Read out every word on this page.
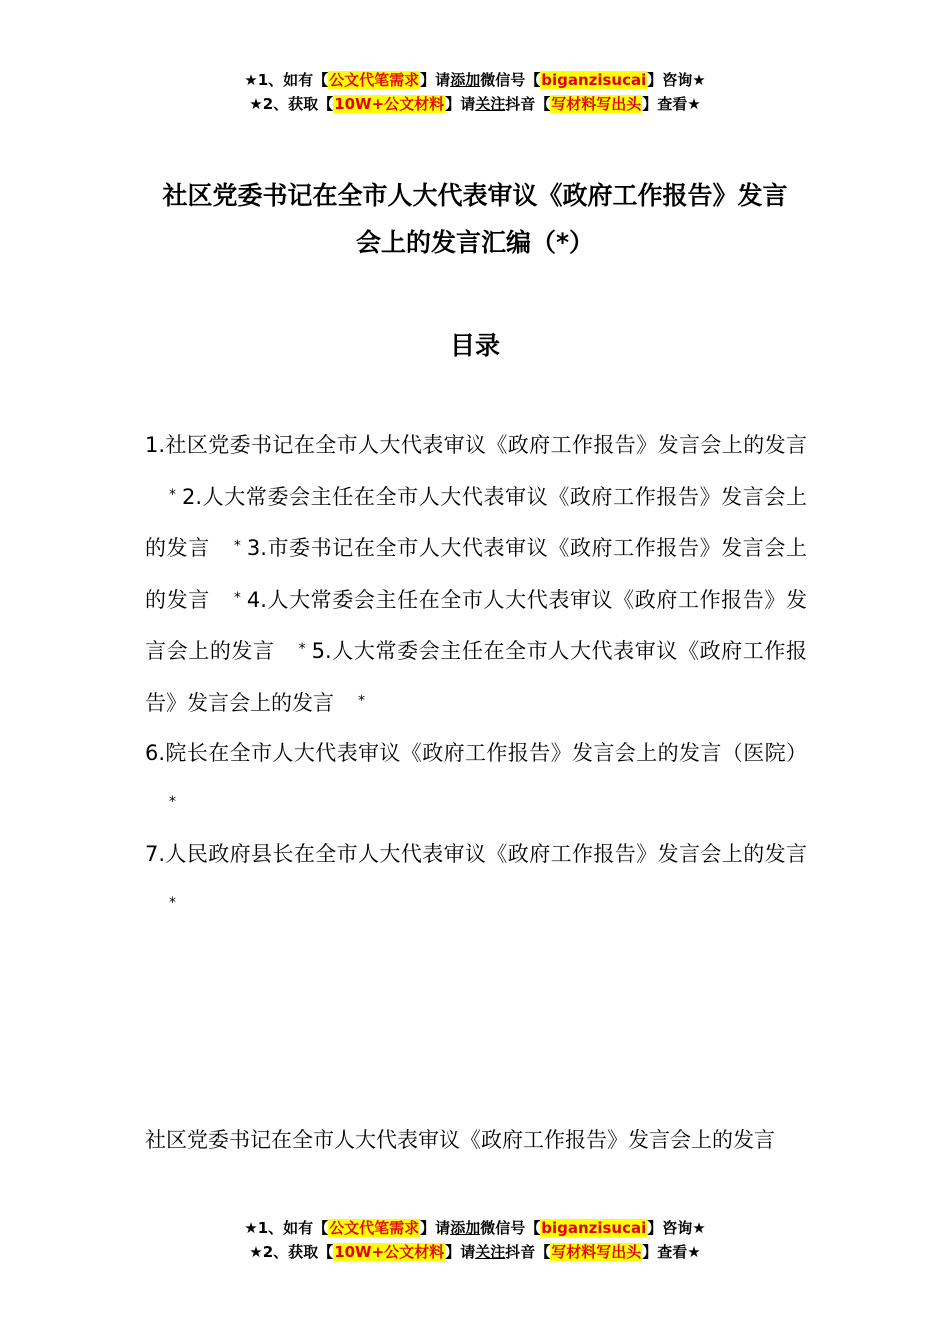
★1、如有【公文代笔需求】请添加微信号【biganzisucai】咨询★
★2、获取【10W+公文材料】请关注抖音【写材料写出头】查看★
社区党委书记在全市人大代表审议《政府工作报告》发言
会上的发言汇编（*）
目录

1.社区党委书记在全市人大代表审议《政府工作报告》发言会上的发言* 2.人大常委会主任在全市人大代表审议《政府工作报告》发言会上的发言 * 3.市委书记在全市人大代表审议《政府工作报告》发言会上的发言 * 4.人大常委会主任在全市人大代表审议《政府工作报告》发言会上的发言 * 5.人大常委会主任在全市人大代表审议《政府工作报告》发言会上的发言 *

6.院长在全市人大代表审议《政府工作报告》发言会上的发言（医院）*

7.人民政府县长在全市人大代表审议《政府工作报告》发言会上的发言*

社区党委书记在全市人大代表审议《政府工作报告》发言会上的发言
★1、如有【公文代笔需求】请添加微信号【biganzisucai】咨询★
★2、获取【10W+公文材料】请关注抖音【写材料写出头】查看★
